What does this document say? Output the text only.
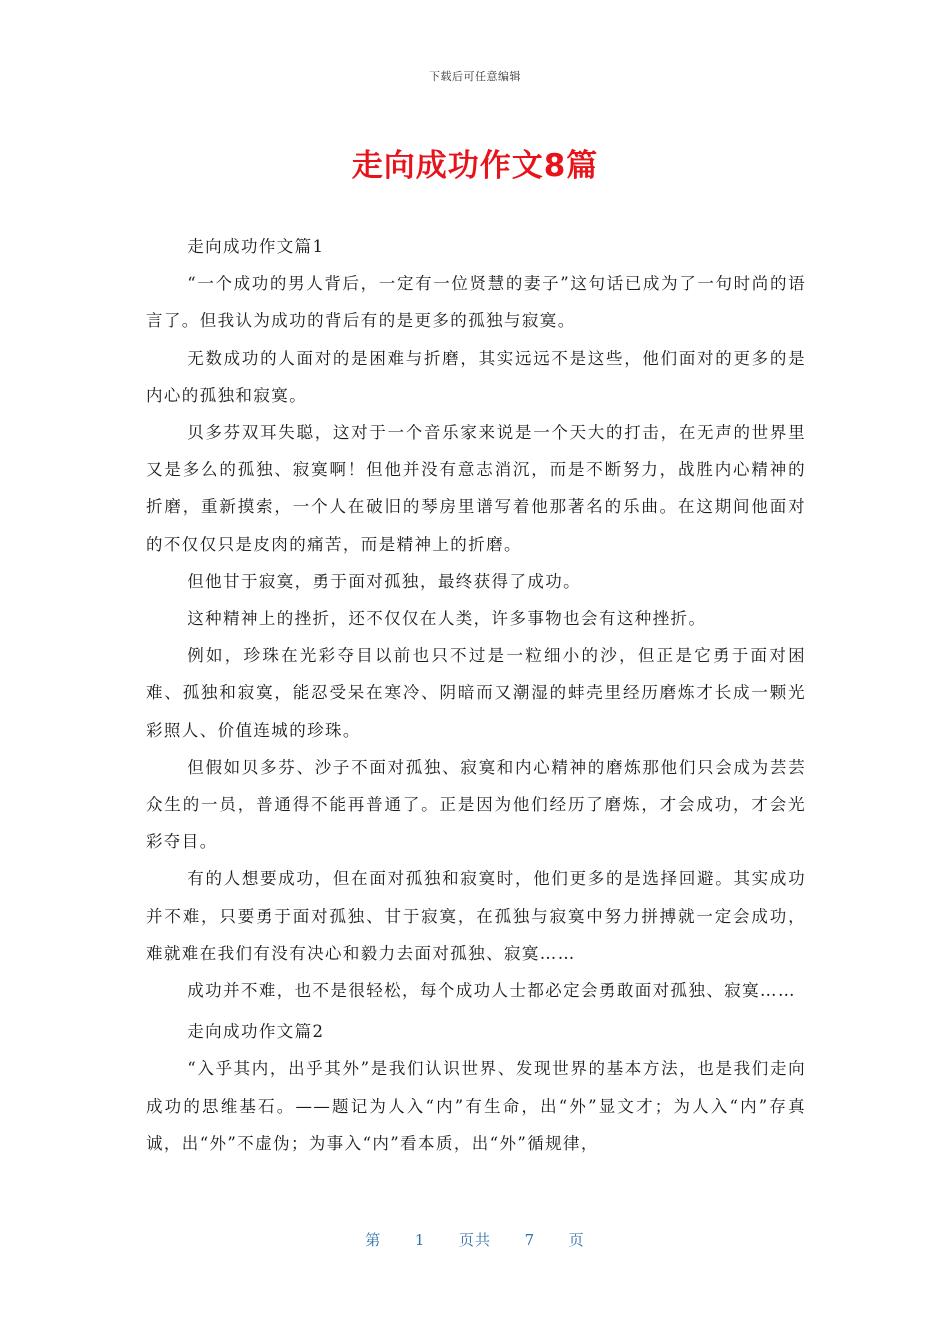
下载后可任意编辑
走向成功作文8篇

走向成功作文篇1

“一个成功的男人背后，一定有一位贤慧的妻子”这句话已成为了一句时尚的语言了。但我认为成功的背后有的是更多的孤独与寂寞。

无数成功的人面对的是困难与折磨，其实远远不是这些，他们面对的更多的是内心的孤独和寂寞。

贝多芬双耳失聪，这对于一个音乐家来说是一个天大的打击，在无声的世界里又是多么的孤独、寂寞啊！但他并没有意志消沉，而是不断努力，战胜内心精神的折磨，重新摸索，一个人在破旧的琴房里谱写着他那著名的乐曲。在这期间他面对的不仅仅只是皮肉的痛苦，而是精神上的折磨。

但他甘于寂寞，勇于面对孤独，最终获得了成功。

这种精神上的挫折，还不仅仅在人类，许多事物也会有这种挫折。

例如，珍珠在光彩夺目以前也只不过是一粒细小的沙，但正是它勇于面对困难、孤独和寂寞，能忍受呆在寒冷、阴暗而又潮湿的蚌壳里经历磨炼才长成一颗光彩照人、价值连城的珍珠。

但假如贝多芬、沙子不面对孤独、寂寞和内心精神的磨炼那他们只会成为芸芸众生的一员，普通得不能再普通了。正是因为他们经历了磨炼，才会成功，才会光彩夺目。

有的人想要成功，但在面对孤独和寂寞时，他们更多的是选择回避。其实成功并不难，只要勇于面对孤独、甘于寂寞，在孤独与寂寞中努力拼搏就一定会成功，难就难在我们有没有决心和毅力去面对孤独、寂寞……

成功并不难，也不是很轻松，每个成功人士都必定会勇敢面对孤独、寂寞……

走向成功作文篇2

“入乎其内，出乎其外”是我们认识世界、发现世界的基本方法，也是我们走向成功的思维基石。——题记为人入“内”有生命，出“外”显文才；为人入“内”存真诚，出“外”不虚伪；为事入“内”看本质，出“外”循规律，

第 1 页共 7 页
